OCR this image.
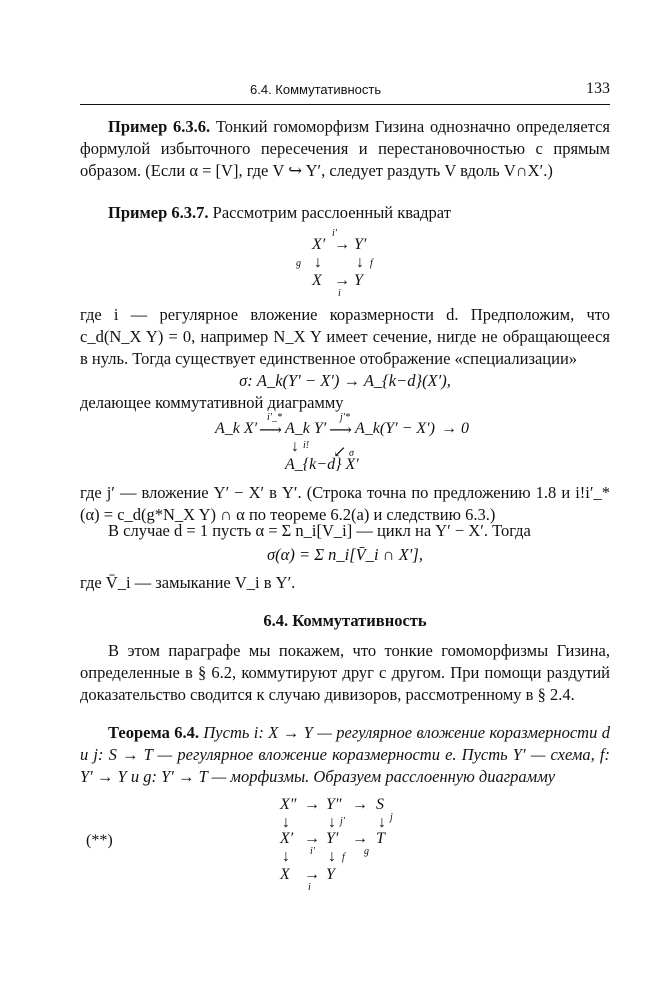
6.4. Коммутативность	133

Пример 6.3.6. Тонкий гомоморфизм Гизина однозначно определяется формулой избыточного пересечения и перестановочностью с прямым образом. (Если α = [V], где V ↪ Y′, следует раздуть V вдоль V∩X′.)

Пример 6.3.7. Рассмотрим расслоенный квадрат

i′
X′ → Y′
g ↓ ↓ f
X → Y
i

где i — регулярное вложение коразмерности d. Предположим, что c_d(N_X Y) = 0, например N_X Y имеет сечение, нигде не обращающееся в нуль. Тогда существует единственное отображение «специализации»

σ: A_k(Y′ − X′) → A_{k−d}(X′),

делающее коммутативной диаграмму

i′_*	j′*
A_k X′ ⟶ A_k Y′ ⟶ A_k(Y′ − X′) → 0
↓ i! ↙ σ
A_{k−d} X′

где j′ — вложение Y′ − X′ в Y′. (Строка точна по предложению 1.8 и i!i′_*(α) = c_d(g*N_X Y) ∩ α по теореме 6.2(a) и следствию 6.3.)

В случае d = 1 пусть α = Σ n_i[V_i] — цикл на Y′ − X′. Тогда

σ(α) = Σ n_i[V̄_i ∩ X′],

где V̄_i — замыкание V_i в Y′.

6.4. Коммутативность

В этом параграфе мы покажем, что тонкие гомоморфизмы Гизина, определенные в § 6.2, коммутируют друг с другом. При помощи раздутий доказательство сводится к случаю дивизоров, рассмотренному в § 2.4.

Теорема 6.4. Пусть i: X → Y — регулярное вложение коразмерности d и j: S → T — регулярное вложение коразмерности e. Пусть Y′ — схема, f: Y′ → Y и g: Y′ → T — морфизмы. Образуем расслоенную диаграмму

X″ → Y″ → S
↓ ↓ j′ ↓ j
X′ → Y′ → T
↓ i′ ↓ f
g
X → Y
i
(**)
